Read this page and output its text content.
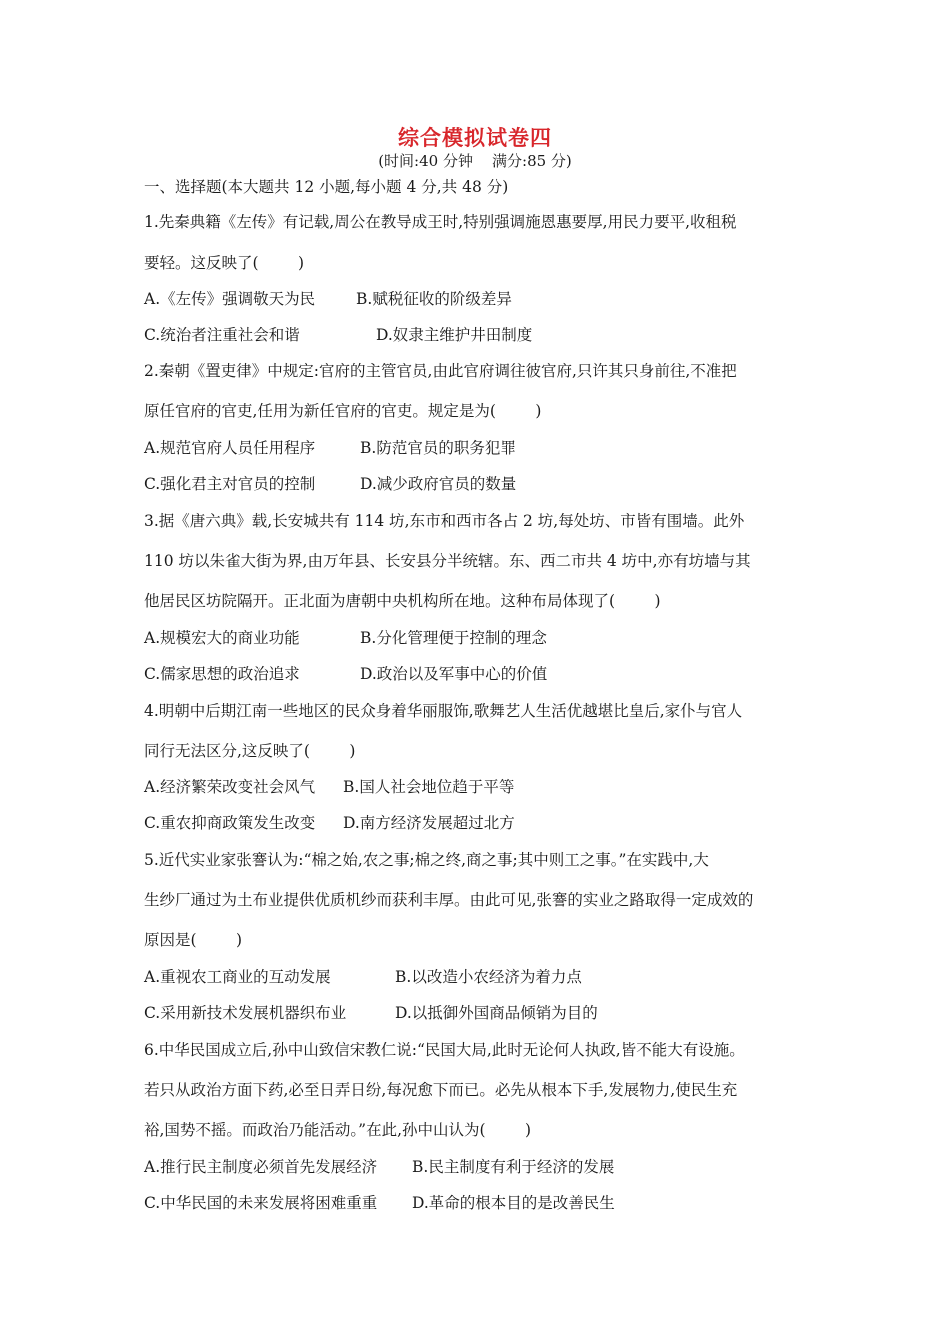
综合模拟试卷四
(时间:40 分钟    满分:85 分)
一、选择题(本大题共 12 小题,每小题 4 分,共 48 分)
1.先秦典籍《左传》有记载,周公在教导成王时,特别强调施恩惠要厚,用民力要平,收租税
要轻。这反映了(        )
A.《左传》强调敬天为民	B.赋税征收的阶级差异
C.统治者注重社会和谐	D.奴隶主维护井田制度
2.秦朝《置吏律》中规定:官府的主管官员,由此官府调往彼官府,只许其只身前往,不准把
原任官府的官吏,任用为新任官府的官吏。规定是为(        )
A.规范官府人员任用程序	B.防范官员的职务犯罪
C.强化君主对官员的控制	D.减少政府官员的数量
3.据《唐六典》载,长安城共有 114 坊,东市和西市各占 2 坊,每处坊、市皆有围墙。此外
110 坊以朱雀大街为界,由万年县、长安县分半统辖。东、西二市共 4 坊中,亦有坊墙与其
他居民区坊院隔开。正北面为唐朝中央机构所在地。这种布局体现了(        )
A.规模宏大的商业功能	B.分化管理便于控制的理念
C.儒家思想的政治追求	D.政治以及军事中心的价值
4.明朝中后期江南一些地区的民众身着华丽服饰,歌舞艺人生活优越堪比皇后,家仆与官人
同行无法区分,这反映了(        )
A.经济繁荣改变社会风气 B.国人社会地位趋于平等
C.重农抑商政策发生改变 D.南方经济发展超过北方
5.近代实业家张謇认为:“棉之始,农之事;棉之终,商之事;其中则工之事。”在实践中,大
生纱厂通过为土布业提供优质机纱而获利丰厚。由此可见,张謇的实业之路取得一定成效的
原因是(        )
A.重视农工商业的互动发展	B.以改造小农经济为着力点
C.采用新技术发展机器织布业	D.以抵御外国商品倾销为目的
6.中华民国成立后,孙中山致信宋教仁说:“民国大局,此时无论何人执政,皆不能大有设施。
若只从政治方面下药,必至日弄日纷,每况愈下而已。必先从根本下手,发展物力,使民生充
裕,国势不摇。而政治乃能活动。”在此,孙中山认为(        )
A.推行民主制度必须首先发展经济 B.民主制度有利于经济的发展
C.中华民国的未来发展将困难重重 D.革命的根本目的是改善民生
